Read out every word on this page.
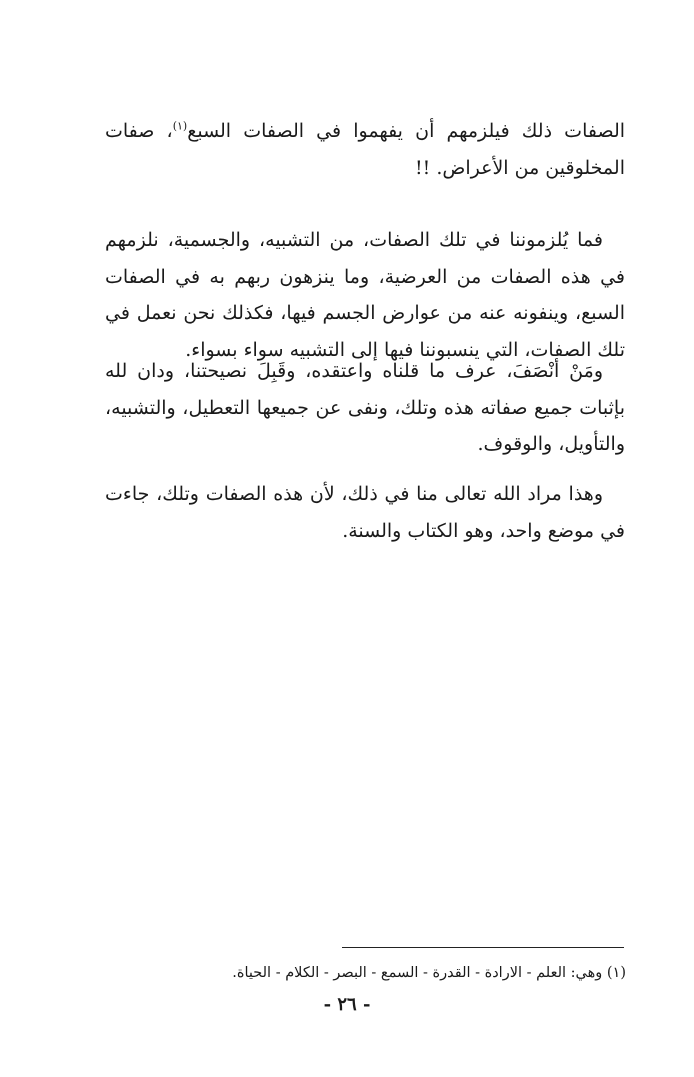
الصفات ذلك فيلزمهم أن يفهموا في الصفات السبع$^{(١)}$، صفات المخلوقين من الأعراض. !!

فما يُلزموننا في تلك الصفات، من التشبيه، والجسمية، نلزمهم في هذه الصفات من العرضية، وما ينزهون ربهم به في الصفات السبع، وينفونه عنه من عوارض الجسم فيها، فكذلك نحن نعمل في تلك الصفات، التي ينسبوننا فيها إلى التشبيه سواء بسواء.

ومَنْ أنْصَفَ، عرف ما قلناه واعتقده، وقَبِلَ نصيحتنا، ودان لله بإثبات جميع صفاته هذه وتلك، ونفى عن جميعها التعطيل، والتشبيه، والتأويل، والوقوف.

وهذا مراد الله تعالى منا في ذلك، لأن هذه الصفات وتلك، جاءت في موضع واحد، وهو الكتاب والسنة.

(١) وهي: العلم - الارادة - القدرة - السمع - البصر - الكلام - الحياة.
- ٢٦ -
